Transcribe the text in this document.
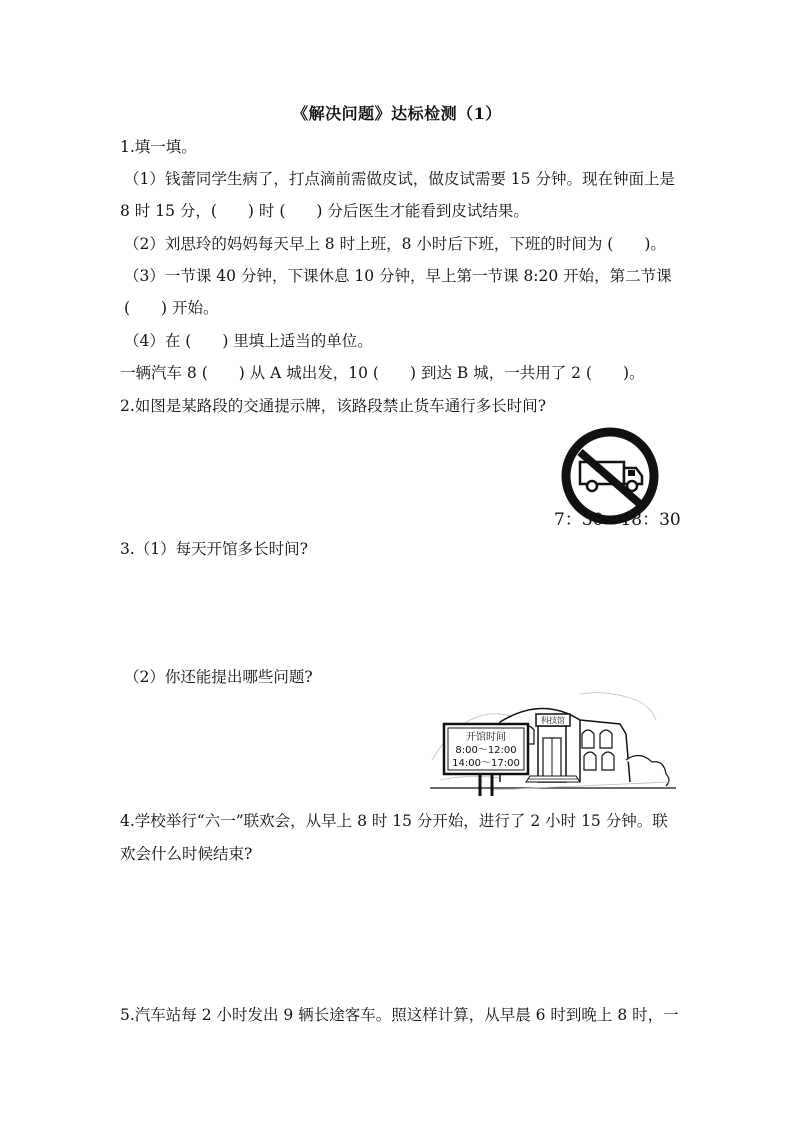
《解决问题》达标检测（1）
1.填一填。
（1）钱蕾同学生病了，打点滴前需做皮试，做皮试需要 15 分钟。现在钟面上是
8 时 15 分，(　　) 时 (　　) 分后医生才能看到皮试结果。
（2）刘思玲的妈妈每天早上 8 时上班，8 小时后下班，下班的时间为 (　　)。
（3）一节课 40 分钟，下课休息 10 分钟，早上第一节课 8:20 开始，第二节课
(　　) 开始。
（4）在 (　　) 里填上适当的单位。
一辆汽车 8 (　　) 从 A 城出发，10 (　　) 到达 B 城，一共用了 2 (　　)。
2.如图是某路段的交通提示牌，该路段禁止货车通行多长时间?
7：30～18：30
3.（1）每天开馆多长时间?
（2）你还能提出哪些问题?
科技馆
开馆时间
8:00～12:00
14:00～17:00
4.学校举行“六一”联欢会，从早上 8 时 15 分开始，进行了 2 小时 15 分钟。联
欢会什么时候结束?
5.汽车站每 2 小时发出 9 辆长途客车。照这样计算，从早晨 6 时到晚上 8 时，一
